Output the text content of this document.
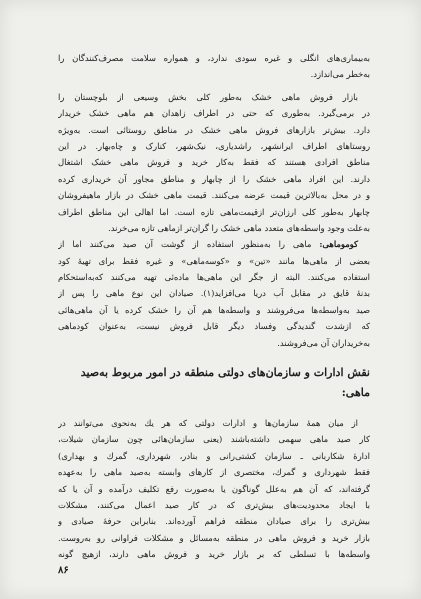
به‌بیماری‌های انگلی و غیره سودی ندارد، و همواره سلامت مصرف‌کنندگان را
به‌خطر می‌اندازد.
بازار فروش ماهی خشک به‌طور کلی بخش وسیعی از بلوچستان را
در برمی‌گیرد. به‌طوری که حتی در اطراف زاهدان هم ماهی خشک خریدار
دارد. بیش‌تر بازارهای فروش ماهی خشک در مناطق روستائی است. به‌ویژه
روستاهای اطراف ایرانشهر، راشدیاری، نیک‌شهر، کنارک و چاه‌بهار. در این
مناطق افرادی هستند که فقط به‌کار خرید و فروش ماهی خشک اشتغال
دارند. این افراد ماهی خشک را از چابهار و مناطق مجاور آن خریداری کرده
و در محل به‌بالاترین قیمت عرضه می‌کنند. قیمت ماهی خشک در بازار ماهیفروشان
چابهار به‌طور کلی ارزان‌تر ازقیمت‌ماهی تازه است. اما اهالی این مناطق اطراف
به‌علت وجود واسطه‌های متعدد ماهی خشک را گران‌تر ازماهی تازه می‌خرند.
کوموماهی: ماهی را به‌منظور استفاده از گوشت آن صید می‌کنند اما از
بعضی از ماهی‌ها مانند «تین» و «کوسه‌ماهی» و غیره فقط برای تهیهٔ کود
استفاده می‌کنند. البته از جگر این ماهی‌ها ماده‌ئی تهیه می‌کنند که‌به‌استحکام
بدنهٔ قایق در مقابل آب دریا می‌افزاید(۱). صیادان این نوع ماهی را پس از
صید به‌واسطه‌ها می‌فروشند و واسطه‌ها هم آن را خشک کرده یا آن ماهی‌هائی
که ازشدت گندیدگی وفساد دیگر قابل فروش نیست، به‌عنوان کودماهی
به‌خریداران آن می‌فروشند.
نقش ادارات و سازمان‌های دولتی منطقه در امور مربوط به‌صید
ماهی:
از میان همهٔ سازمان‌ها و ادارات دولتی که هر یك به‌نحوی می‌توانند در
کار صید ماهی سهمی داشته‌باشند (یعنی سازمان‌هائی چون سازمان شیلات،
ادارهٔ شکاربانی ـ سازمان کشتی‌رانی و بنادر، شهرداری، گمرك و بهداری)
فقط شهرداری و گمرك، مختصری از کارهای وابسته به‌صید ماهی را به‌عهده
گرفته‌اند، که آن هم به‌علل گوناگون یا به‌صورت رفع تکلیف درآمده‌ و آن یا که
با ایجاد محدودیت‌های بیش‌تری که در کار صید اعمال می‌کنند، مشکلات
بیش‌تری را برای صیادان منطقه فراهم آورده‌اند. بنابراین حرفهٔ صیادی و
بازار خرید و فروش ماهی در منطقه به‌مسائل و مشکلات فراوانی رو به‌روست.
واسطه‌ها با تسلطی که بر بازار خرید و فروش ماهی دارند، ازهیچ گونه
۸۶
